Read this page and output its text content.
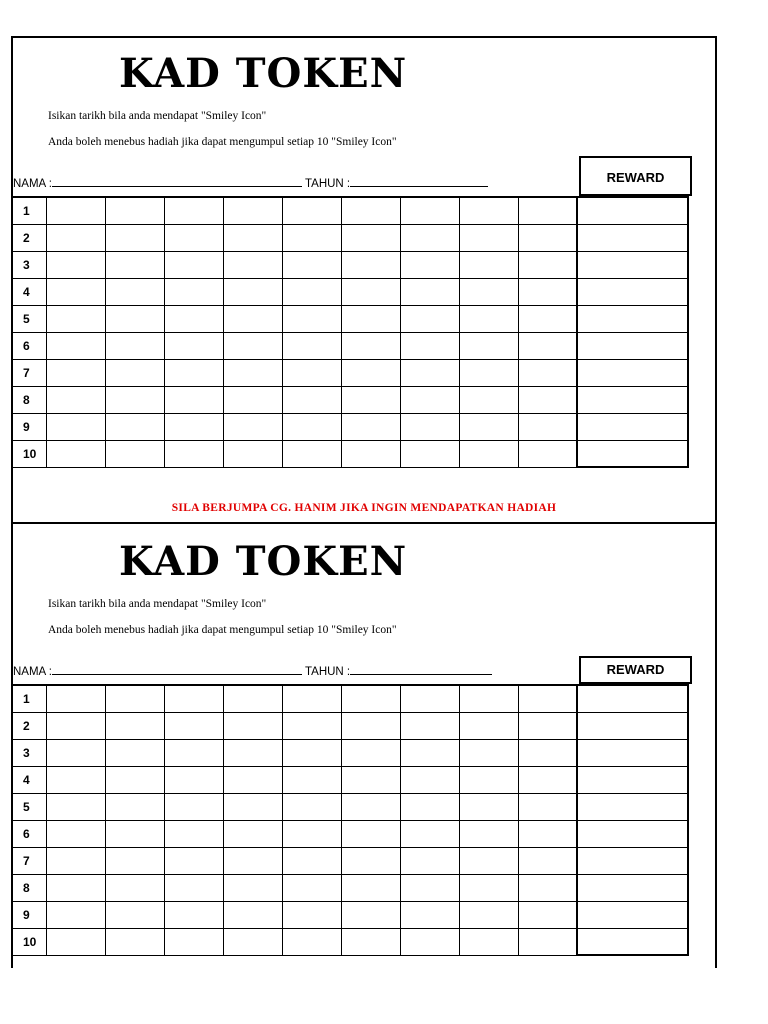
KAD TOKEN
Isikan tarikh bila anda mendapat "Smiley Icon"
Anda boleh menebus hadiah jika dapat mengumpul setiap 10 "Smiley Icon"
NAMA :	TAHUN :	REWARD
1										
2										
3										
4										
5										
6										
7										
8										
9										
10										
SILA BERJUMPA CG. HANIM JIKA INGIN MENDAPATKAN HADIAH
KAD TOKEN
Isikan tarikh bila anda mendapat "Smiley Icon"
Anda boleh menebus hadiah jika dapat mengumpul setiap 10 "Smiley Icon"
NAMA :	TAHUN :	REWARD
1										
2										
3										
4										
5										
6										
7										
8										
9										
10										
